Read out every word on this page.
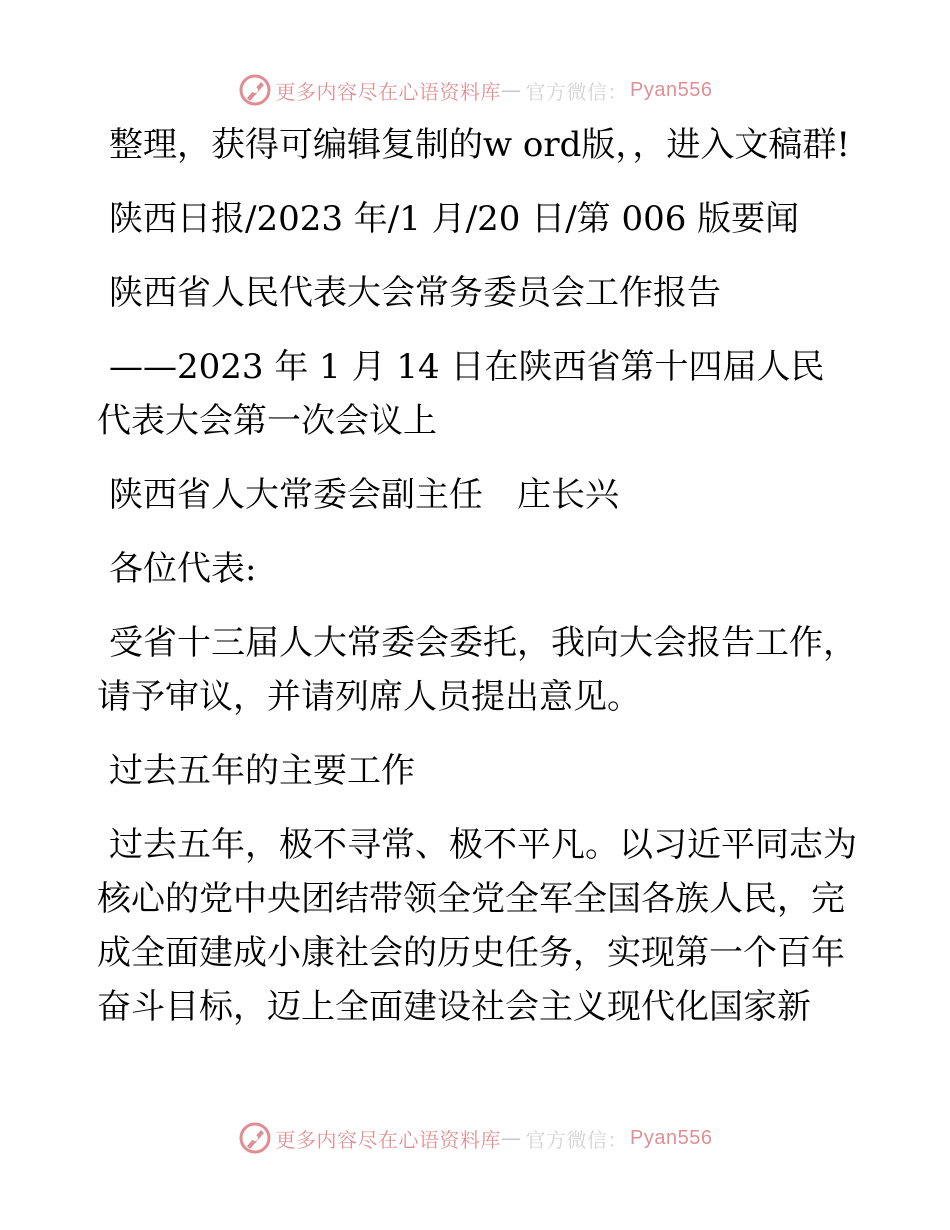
更多内容尽在心语资料库 — 官方微信： Pyan556

整理，获得可编辑复制的w ord版，，进入文稿群!

陕西日报/2023 年/1 月/20 日/第 006 版要闻

陕西省人民代表大会常务委员会工作报告

——2023 年 1 月 14 日在陕西省第十四届人民代表大会第一次会议上

陕西省人大常委会副主任　庄长兴

各位代表:

受省十三届人大常委会委托，我向大会报告工作，请予审议，并请列席人员提出意见。

过去五年的主要工作

过去五年，极不寻常、极不平凡。以习近平同志为核心的党中央团结带领全党全军全国各族人民，完成全面建成小康社会的历史任务，实现第一个百年奋斗目标，迈上全面建设社会主义现代化国家新

更多内容尽在心语资料库 — 官方微信： Pyan556
